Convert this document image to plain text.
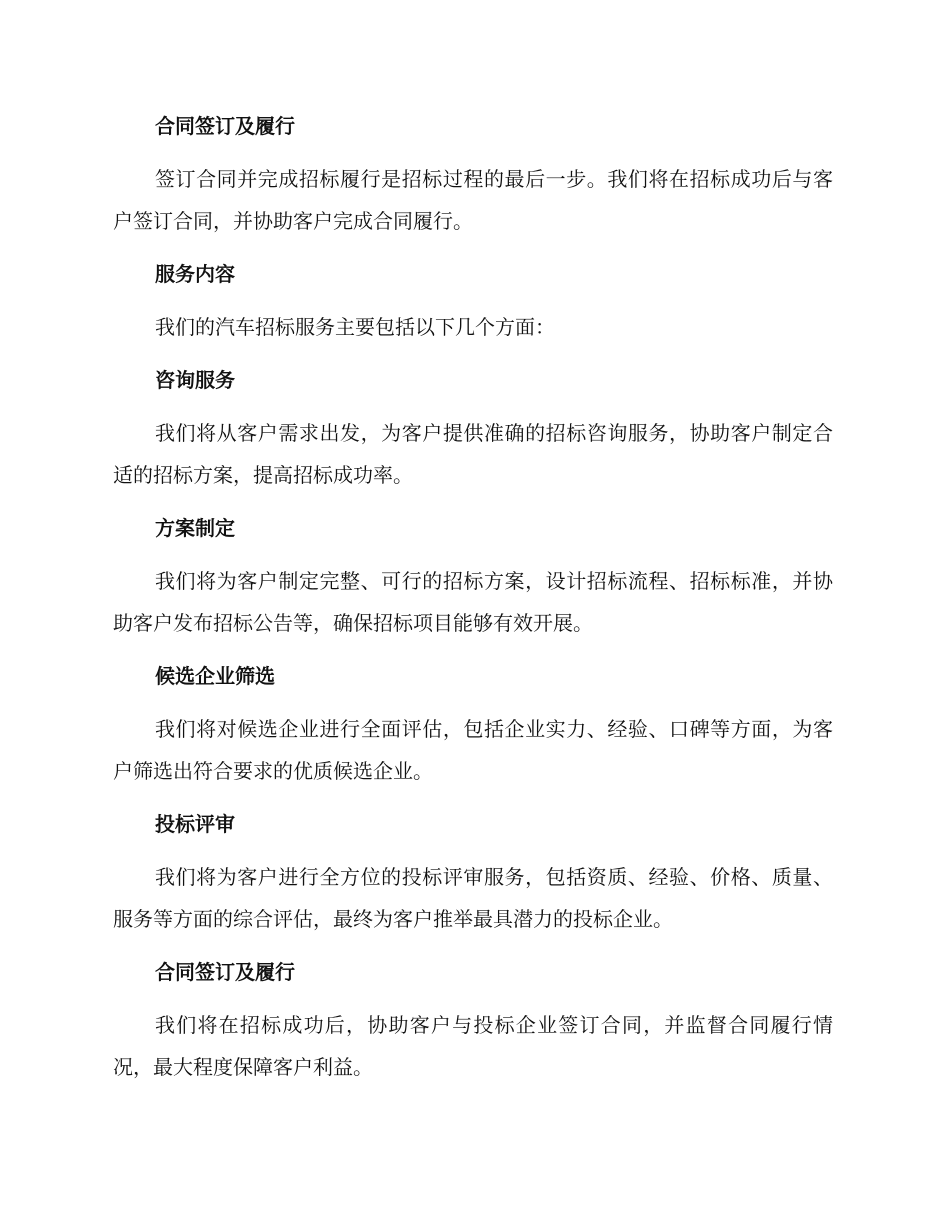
合同签订及履行
签订合同并完成招标履行是招标过程的最后一步。我们将在招标成功后与客户签订合同，并协助客户完成合同履行。
服务内容
我们的汽车招标服务主要包括以下几个方面：
咨询服务
我们将从客户需求出发，为客户提供准确的招标咨询服务，协助客户制定合适的招标方案，提高招标成功率。
方案制定
我们将为客户制定完整、可行的招标方案，设计招标流程、招标标准，并协助客户发布招标公告等，确保招标项目能够有效开展。
候选企业筛选
我们将对候选企业进行全面评估，包括企业实力、经验、口碑等方面，为客户筛选出符合要求的优质候选企业。
投标评审
我们将为客户进行全方位的投标评审服务，包括资质、经验、价格、质量、服务等方面的综合评估，最终为客户推举最具潜力的投标企业。
合同签订及履行
我们将在招标成功后，协助客户与投标企业签订合同，并监督合同履行情况，最大程度保障客户利益。
